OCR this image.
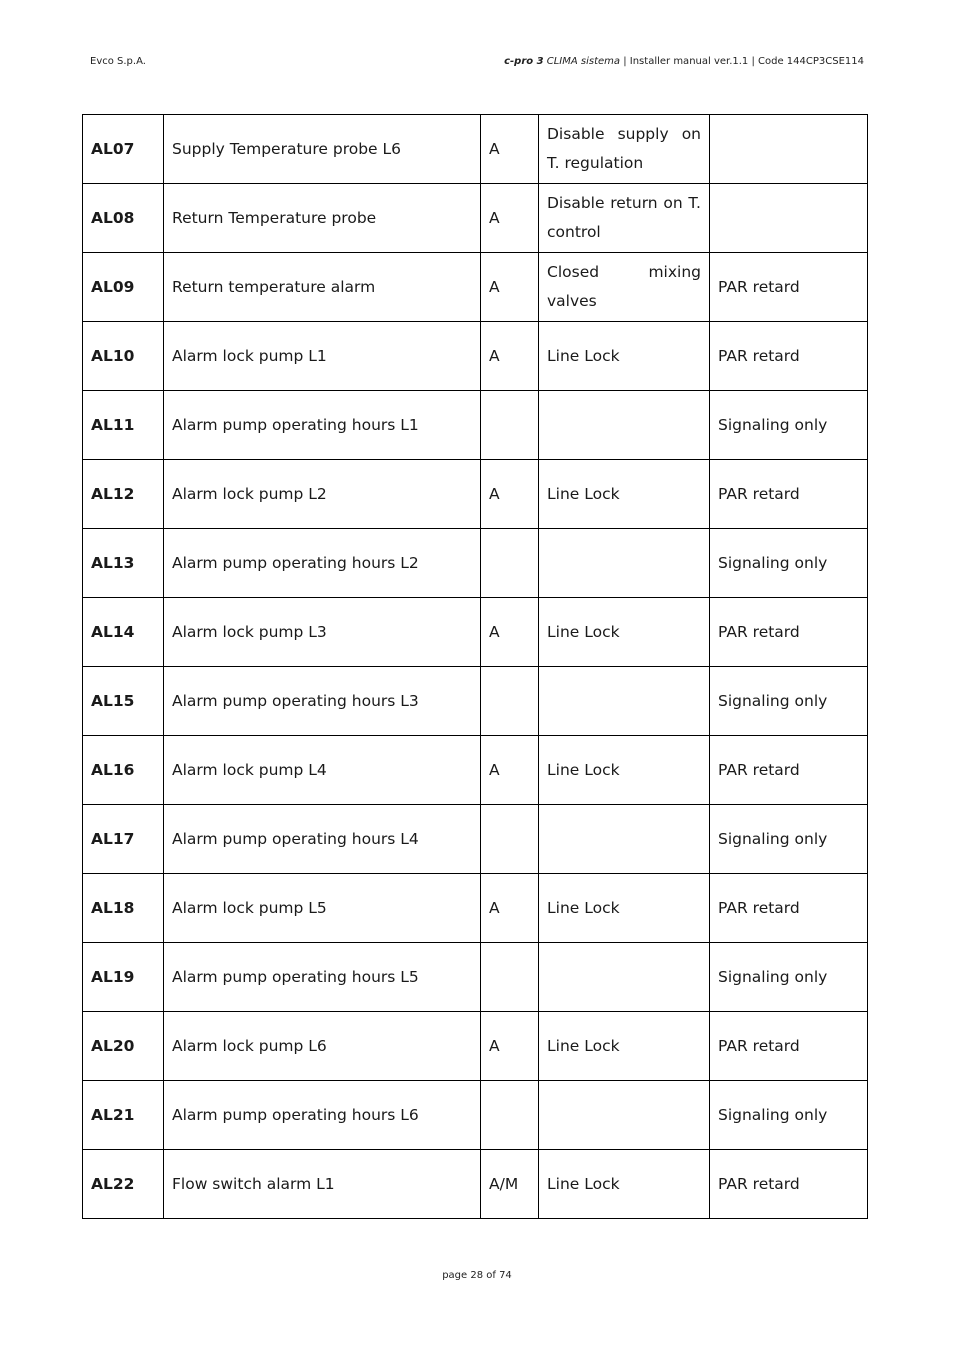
Evco S.p.A.	c-pro 3 CLIMA sistema | Installer manual ver.1.1 | Code 144CP3CSE114
AL07	Supply Temperature probe L6	A	Disable supply on T. regulation	
AL08	Return Temperature probe	A	Disable return on T. control	
AL09	Return temperature alarm	A	Closed mixing valves	PAR retard
AL10	Alarm lock pump L1	A	Line Lock	PAR retard
AL11	Alarm pump operating hours L1			Signaling only
AL12	Alarm lock pump L2	A	Line Lock	PAR retard
AL13	Alarm pump operating hours L2			Signaling only
AL14	Alarm lock pump L3	A	Line Lock	PAR retard
AL15	Alarm pump operating hours L3			Signaling only
AL16	Alarm lock pump L4	A	Line Lock	PAR retard
AL17	Alarm pump operating hours L4			Signaling only
AL18	Alarm lock pump L5	A	Line Lock	PAR retard
AL19	Alarm pump operating hours L5			Signaling only
AL20	Alarm lock pump L6	A	Line Lock	PAR retard
AL21	Alarm pump operating hours L6			Signaling only
AL22	Flow switch alarm L1	A/M	Line Lock	PAR retard
page 28 of 74
